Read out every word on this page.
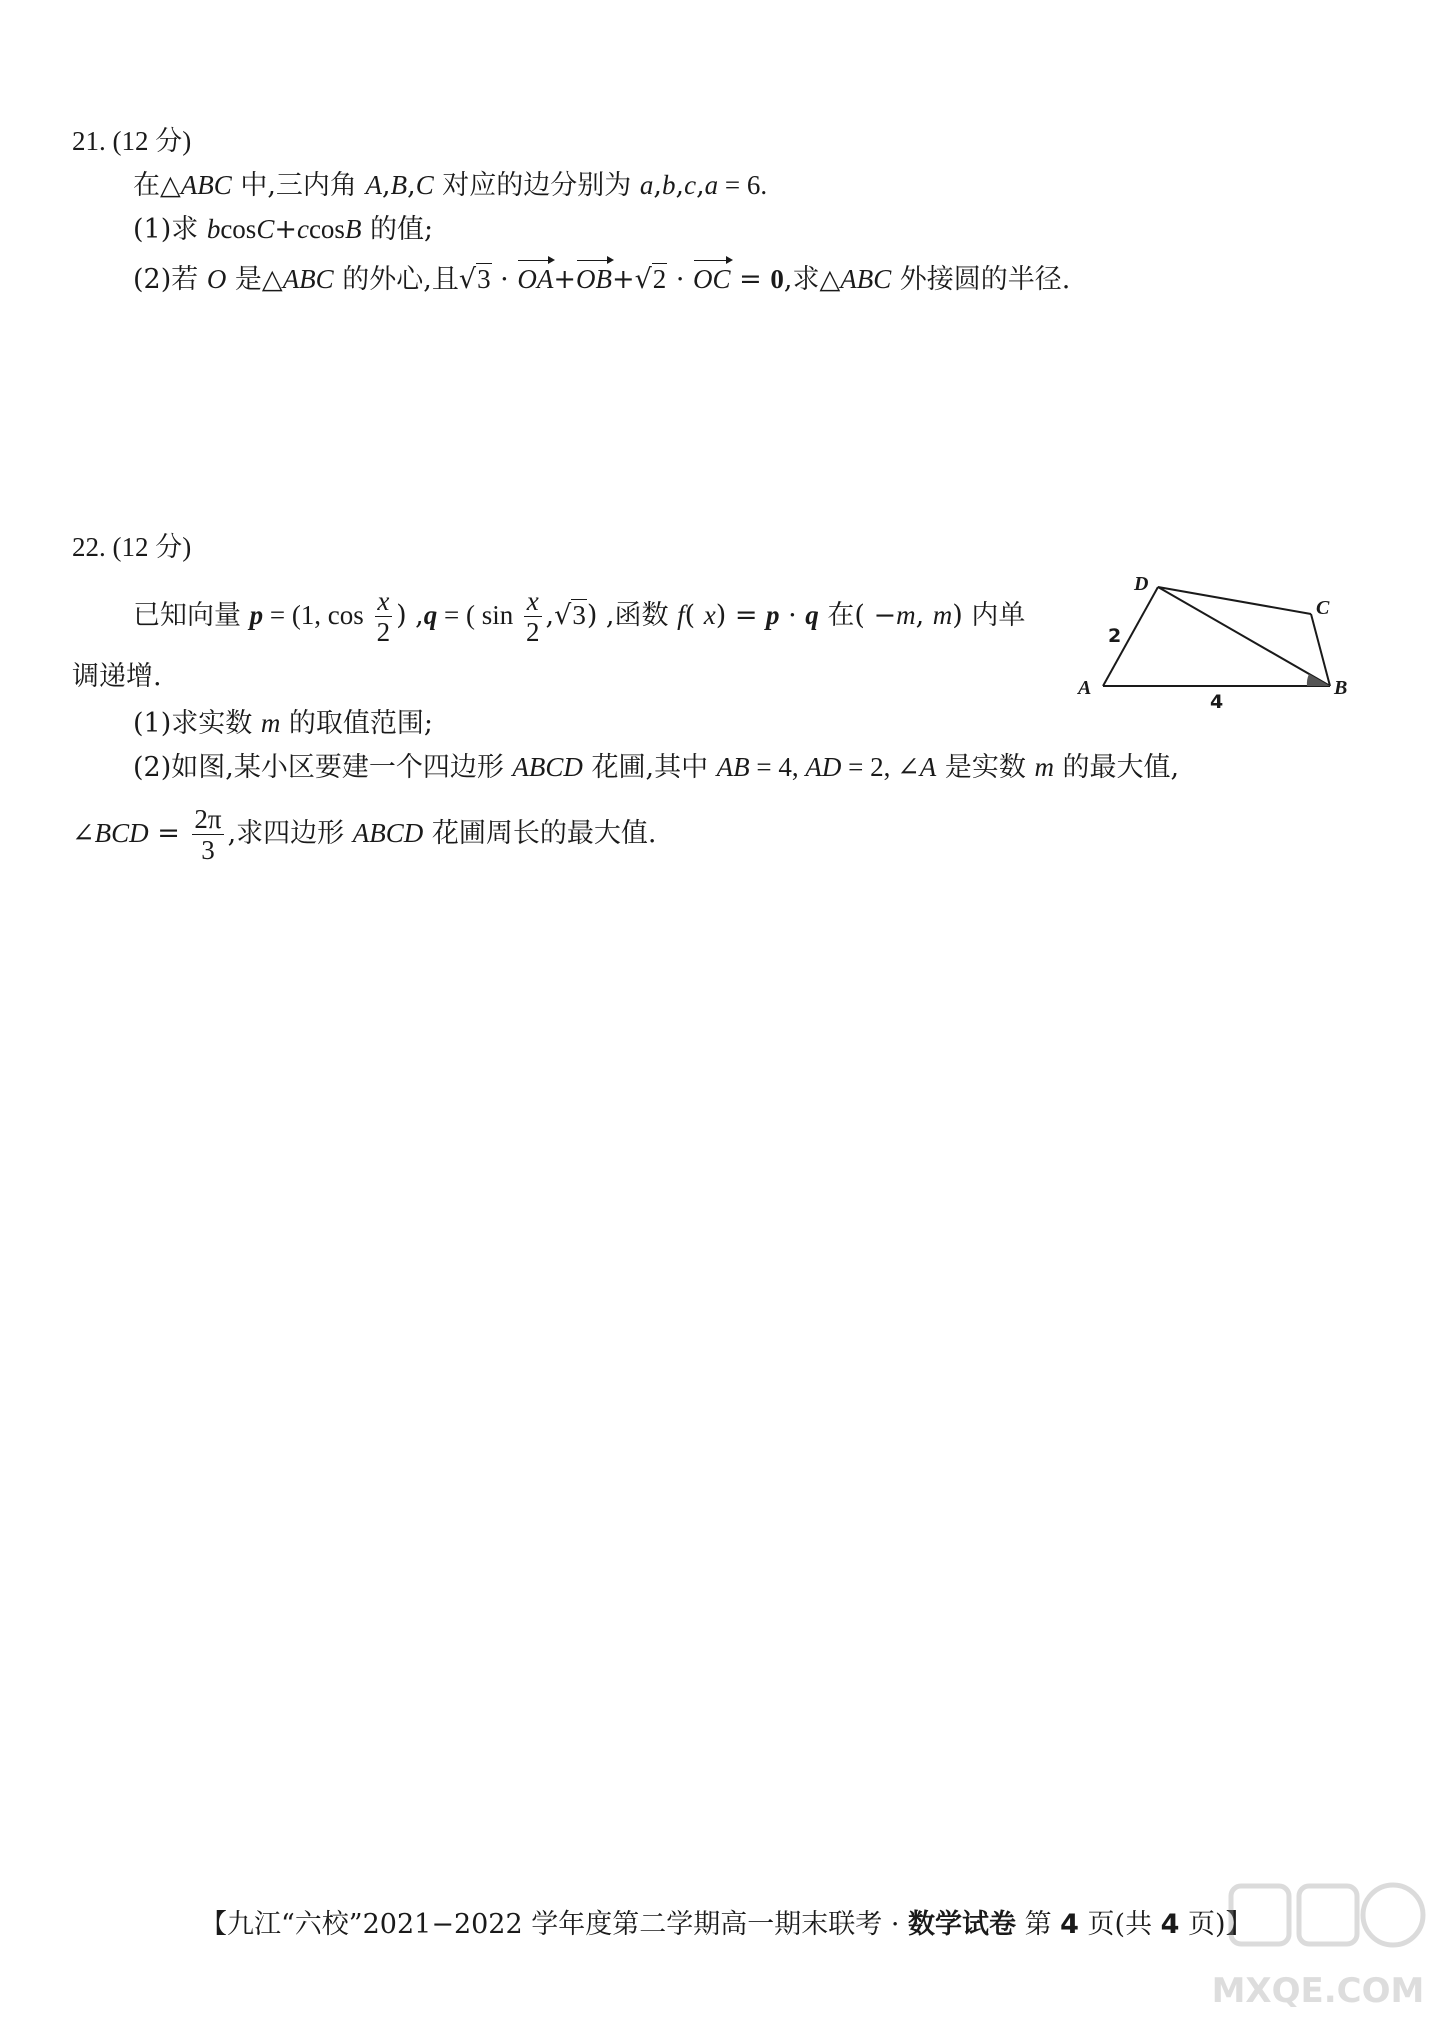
21. (12 分)
在△ABC 中,三内角 A,B,C 对应的边分别为 a,b,c,a = 6.
(1)求 bcosC+ccosB 的值;
(2)若 O 是△ABC 的外心,且√3 · OA+OB+√2 · OC = 0,求△ABC 外接圆的半径.
22. (12 分)
已知向量 p = (1, $\cos \frac{x}{2}$ ) ,q = ( $\sin \frac{x}{2} ,√3$) ,函数 f( x) = p · q 在( −m, m) 内单
调递增.
(1)求实数 m 的取值范围;
(2)如图,某小区要建一个四边形 ABCD 花圃,其中 AB = 4, AD = 2, ∠A 是实数 m 的最大值,
∠BCD = $\frac{2\pi}{3}$ ,求四边形 ABCD 花圃周长的最大值.
D
C
A	B
2
4
【九江“六校”2021−2022 学年度第二学期高一期末联考 · 数学试卷 第 4 页(共 4 页)】
MXQE.COM
